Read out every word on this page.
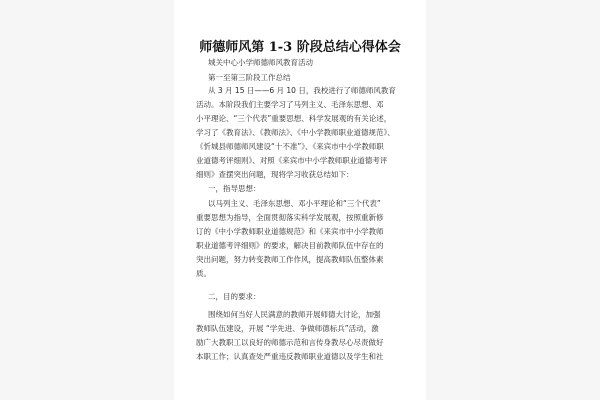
师德师风第 1-3 阶段总结心得体会
城关中心小学师德师风教育活动
第一至第三阶段工作总结
从 3 月 15 日——6 月 10 日，我校进行了师德师风教育
活动。本阶段我们主要学习了马列主义、毛泽东思想、邓
小平理论、“三个代表”重要思想、科学发展观的有关论述，
学习了《教育法》、《教师法》、《中小学教师职业道德规范》、
《忻城县师德师风建设“十不准”》、《来宾市中小学教师职
业道德考评细则》、对照《来宾市中小学教师职业道德考评
细则》查摆突出问题，现将学习收获总结如下：
一，指导思想：
以马列主义、毛泽东思想、邓小平理论和“三个代表”
重要思想为指导，全面贯彻落实科学发展观，按照重新修
订的《中小学教师职业道德规范》和《来宾市中小学教师
职业道德考评细则》的要求，解决目前教师队伍中存在的
突出问题，努力转变教师工作作风，提高教师队伍整体素
质。
二，目的要求：
围绕如何当好人民满意的教师开展师德大讨论，加强
教师队伍建设，开展 “学先进、争做师德标兵”活动，激
励广大教职工以良好的师德示范和言传身教尽心尽责做好
本职工作；认真查处严重违反教师职业道德以及学生和社
